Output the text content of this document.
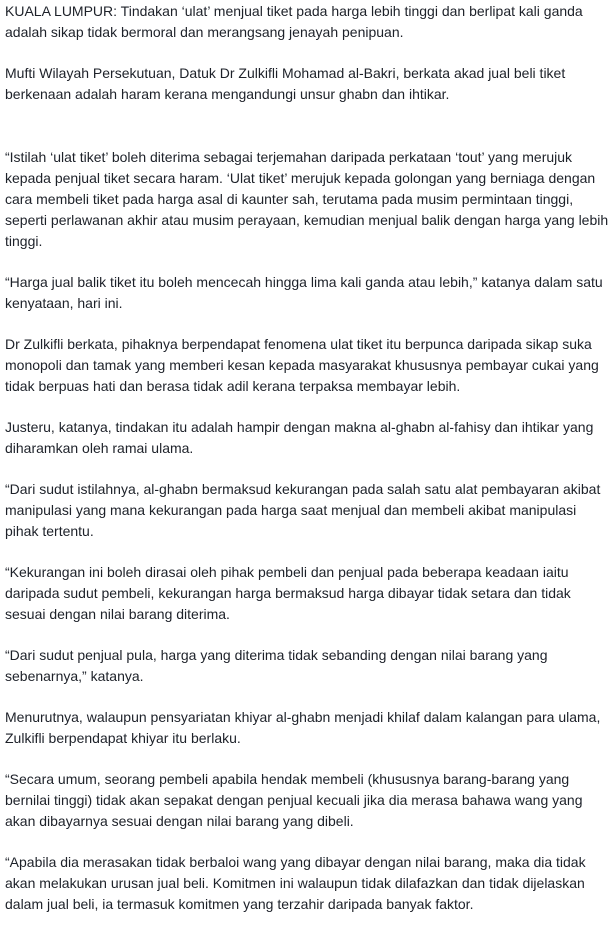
KUALA LUMPUR: Tindakan ‘ulat’ menjual tiket pada harga lebih tinggi dan berlipat kali ganda adalah sikap tidak bermoral dan merangsang jenayah penipuan.

Mufti Wilayah Persekutuan, Datuk Dr Zulkifli Mohamad al-Bakri, berkata akad jual beli tiket berkenaan adalah haram kerana mengandungi unsur ghabn dan ihtikar.

“Istilah ‘ulat tiket’ boleh diterima sebagai terjemahan daripada perkataan ‘tout’ yang merujuk kepada penjual tiket secara haram. ‘Ulat tiket’ merujuk kepada golongan yang berniaga dengan cara membeli tiket pada harga asal di kaunter sah, terutama pada musim permintaan tinggi, seperti perlawanan akhir atau musim perayaan, kemudian menjual balik dengan harga yang lebih tinggi.

“Harga jual balik tiket itu boleh mencecah hingga lima kali ganda atau lebih,” katanya dalam satu kenyataan, hari ini.

Dr Zulkifli berkata, pihaknya berpendapat fenomena ulat tiket itu berpunca daripada sikap suka monopoli dan tamak yang memberi kesan kepada masyarakat khususnya pembayar cukai yang tidak berpuas hati dan berasa tidak adil kerana terpaksa membayar lebih.

Justeru, katanya, tindakan itu adalah hampir dengan makna al-ghabn al-fahisy dan ihtikar yang diharamkan oleh ramai ulama.

“Dari sudut istilahnya, al-ghabn bermaksud kekurangan pada salah satu alat pembayaran akibat manipulasi yang mana kekurangan pada harga saat menjual dan membeli akibat manipulasi pihak tertentu.

“Kekurangan ini boleh dirasai oleh pihak pembeli dan penjual pada beberapa keadaan iaitu daripada sudut pembeli, kekurangan harga bermaksud harga dibayar tidak setara dan tidak sesuai dengan nilai barang diterima.

“Dari sudut penjual pula, harga yang diterima tidak sebanding dengan nilai barang yang sebenarnya,” katanya.

Menurutnya, walaupun pensyariatan khiyar al-ghabn menjadi khilaf dalam kalangan para ulama, Zulkifli berpendapat khiyar itu berlaku.

“Secara umum, seorang pembeli apabila hendak membeli (khususnya barang-barang yang bernilai tinggi) tidak akan sepakat dengan penjual kecuali jika dia merasa bahawa wang yang akan dibayarnya sesuai dengan nilai barang yang dibeli.

“Apabila dia merasakan tidak berbaloi wang yang dibayar dengan nilai barang, maka dia tidak akan melakukan urusan jual beli. Komitmen ini walaupun tidak dilafazkan dan tidak dijelaskan dalam jual beli, ia termasuk komitmen yang terzahir daripada banyak faktor.
